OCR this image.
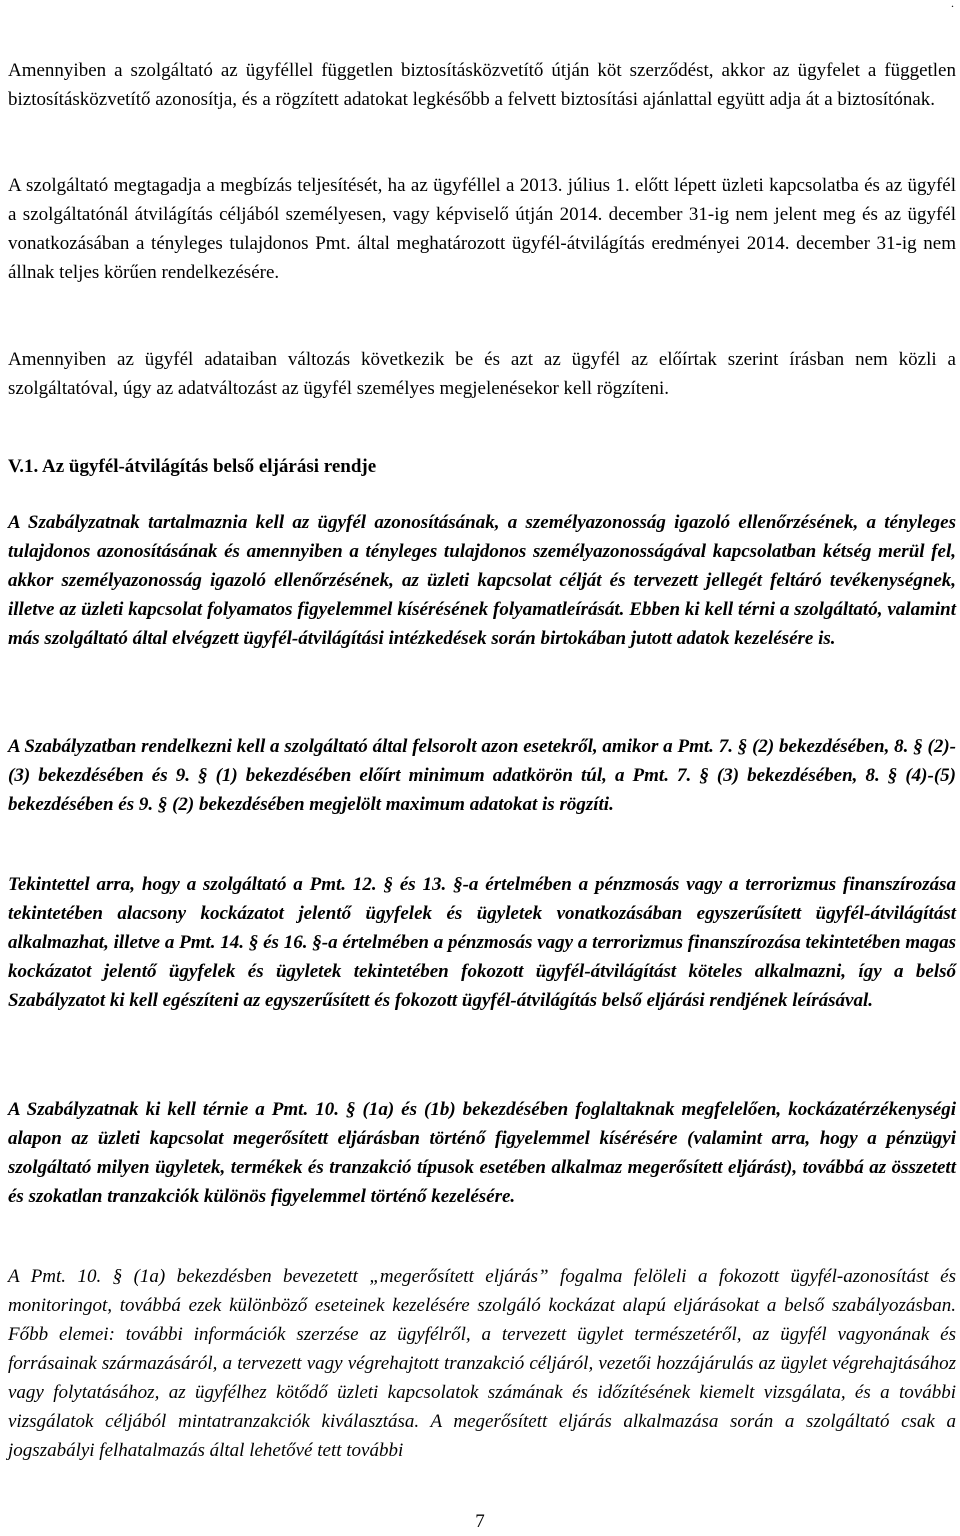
.

Amennyiben a szolgáltató az ügyféllel független biztosításközvetítő útján köt szerződést, akkor az ügyfelet a független biztosításközvetítő azonosítja, és a rögzített adatokat legkésőbb a felvett biztosítási ajánlattal együtt adja át a biztosítónak.

A szolgáltató megtagadja a megbízás teljesítését, ha az ügyféllel a 2013. július 1. előtt lépett üzleti kapcsolatba és az ügyfél a szolgáltatónál átvilágítás céljából személyesen, vagy képviselő útján 2014. december 31-ig nem jelent meg és az ügyfél vonatkozásában a tényleges tulajdonos Pmt. által meghatározott ügyfél-átvilágítás eredményei 2014. december 31-ig nem állnak teljes körűen rendelkezésére.

Amennyiben az ügyfél adataiban változás következik be és azt az ügyfél az előírtak szerint írásban nem közli a szolgáltatóval, úgy az adatváltozást az ügyfél személyes megjelenésekor kell rögzíteni.

V.1. Az ügyfél-átvilágítás belső eljárási rendje

A Szabályzatnak tartalmaznia kell az ügyfél azonosításának, a személyazonosság igazoló ellenőrzésének, a tényleges tulajdonos azonosításának és amennyiben a tényleges tulajdonos személyazonosságával kapcsolatban kétség merül fel, akkor személyazonosság igazoló ellenőrzésének, az üzleti kapcsolat célját és tervezett jellegét feltáró tevékenységnek, illetve az üzleti kapcsolat folyamatos figyelemmel kísérésének folyamatleírását. Ebben ki kell térni a szolgáltató, valamint más szolgáltató által elvégzett ügyfél-átvilágítási intézkedések során birtokában jutott adatok kezelésére is.

A Szabályzatban rendelkezni kell a szolgáltató által felsorolt azon esetekről, amikor a Pmt. 7. § (2) bekezdésében, 8. § (2)-(3) bekezdésében és 9. § (1) bekezdésében előírt minimum adatkörön túl, a Pmt. 7. § (3) bekezdésében, 8. § (4)-(5) bekezdésében és 9. § (2) bekezdésében megjelölt maximum adatokat is rögzíti.

Tekintettel arra, hogy a szolgáltató a Pmt. 12. § és 13. §-a értelmében a pénzmosás vagy a terrorizmus finanszírozása tekintetében alacsony kockázatot jelentő ügyfelek és ügyletek vonatkozásában egyszerűsített ügyfél-átvilágítást alkalmazhat, illetve a Pmt. 14. § és 16. §-a értelmében a pénzmosás vagy a terrorizmus finanszírozása tekintetében magas kockázatot jelentő ügyfelek és ügyletek tekintetében fokozott ügyfél-átvilágítást köteles alkalmazni, így a belső Szabályzatot ki kell egészíteni az egyszerűsített és fokozott ügyfél-átvilágítás belső eljárási rendjének leírásával.

A Szabályzatnak ki kell térnie a Pmt. 10. § (1a) és (1b) bekezdésében foglaltaknak megfelelően, kockázatérzékenységi alapon az üzleti kapcsolat megerősített eljárásban történő figyelemmel kísérésére (valamint arra, hogy a pénzügyi szolgáltató milyen ügyletek, termékek és tranzakció típusok esetében alkalmaz megerősített eljárást), továbbá az összetett és szokatlan tranzakciók különös figyelemmel történő kezelésére.

A Pmt. 10. § (1a) bekezdésben bevezetett „megerősített eljárás” fogalma felöleli a fokozott ügyfél-azonosítást és monitoringot, továbbá ezek különböző eseteinek kezelésére szolgáló kockázat alapú eljárásokat a belső szabályozásban. Főbb elemei: további információk szerzése az ügyfélről, a tervezett ügylet természetéről, az ügyfél vagyonának és forrásainak származásáról, a tervezett vagy végrehajtott tranzakció céljáról, vezetői hozzájárulás az ügylet végrehajtásához vagy folytatásához, az ügyfélhez kötődő üzleti kapcsolatok számának és időzítésének kiemelt vizsgálata, és a további vizsgálatok céljából mintatranzakciók kiválasztása. A megerősített eljárás alkalmazása során a szolgáltató csak a jogszabályi felhatalmazás által lehetővé tett további

7
